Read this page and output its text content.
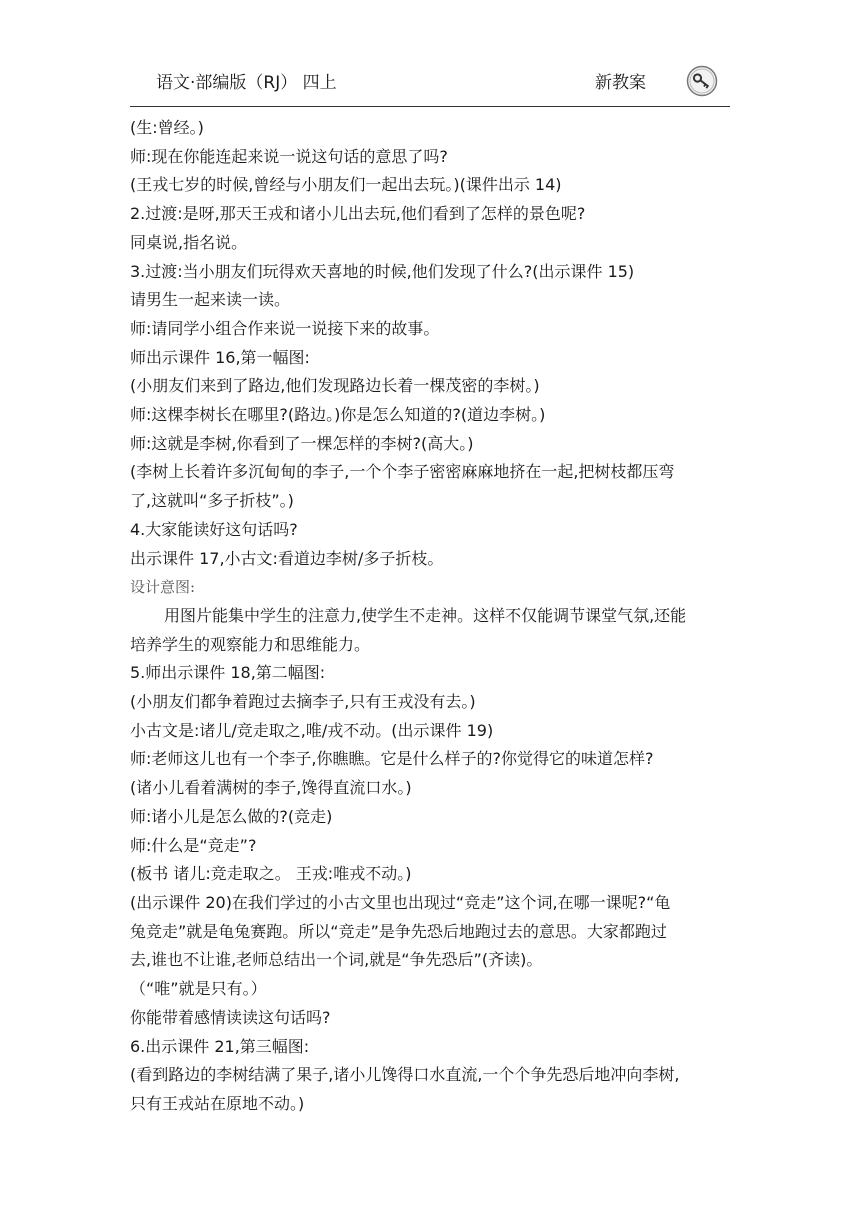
语文·部编版（RJ） 四上	新教案
(生:曾经。)
师:现在你能连起来说一说这句话的意思了吗?
(王戎七岁的时候,曾经与小朋友们一起出去玩。)(课件出示 14)
2.过渡:是呀,那天王戎和诸小儿出去玩,他们看到了怎样的景色呢?
同桌说,指名说。
3.过渡:当小朋友们玩得欢天喜地的时候,他们发现了什么?(出示课件 15)
请男生一起来读一读。
师:请同学小组合作来说一说接下来的故事。
师出示课件 16,第一幅图:
(小朋友们来到了路边,他们发现路边长着一棵茂密的李树。)
师:这棵李树长在哪里?(路边。)你是怎么知道的?(道边李树。)
师:这就是李树,你看到了一棵怎样的李树?(高大。)
(李树上长着许多沉甸甸的李子,一个个李子密密麻麻地挤在一起,把树枝都压弯
了,这就叫“多子折枝”。)
4.大家能读好这句话吗?
出示课件 17,小古文:看道边李树/多子折枝。
设计意图:
用图片能集中学生的注意力,使学生不走神。这样不仅能调节课堂气氛,还能
培养学生的观察能力和思维能力。
5.师出示课件 18,第二幅图:
(小朋友们都争着跑过去摘李子,只有王戎没有去。)
小古文是:诸儿/竞走取之,唯/戎不动。(出示课件 19)
师:老师这儿也有一个李子,你瞧瞧。它是什么样子的?你觉得它的味道怎样?
(诸小儿看着满树的李子,馋得直流口水。)
师:诸小儿是怎么做的?(竞走)
师:什么是“竞走”?
(板书 诸儿:竞走取之。 王戎:唯戎不动。)
(出示课件 20)在我们学过的小古文里也出现过“竞走”这个词,在哪一课呢?“龟
兔竞走”就是龟兔赛跑。所以“竞走”是争先恐后地跑过去的意思。大家都跑过
去,谁也不让谁,老师总结出一个词,就是“争先恐后”(齐读)。
（“唯”就是只有。）
你能带着感情读读这句话吗?
6.出示课件 21,第三幅图:
(看到路边的李树结满了果子,诸小儿馋得口水直流,一个个争先恐后地冲向李树,
只有王戎站在原地不动。)
